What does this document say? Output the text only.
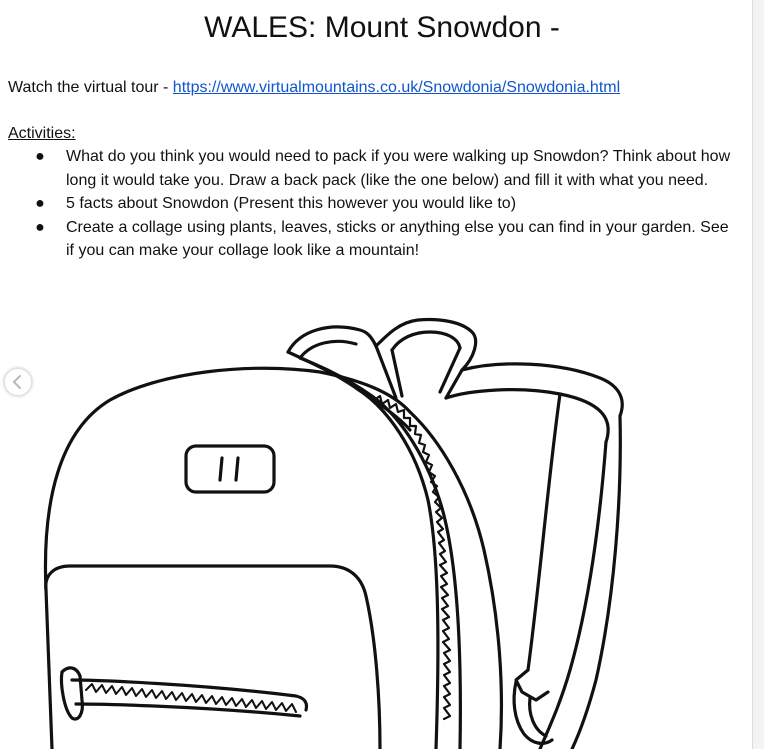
WALES: Mount Snowdon -
Watch the virtual tour - https://www.virtualmountains.co.uk/Snowdonia/Snowdonia.html
Activities:
● What do you think you would need to pack if you were walking up Snowdon? Think about how long it would take you. Draw a back pack (like the one below) and fill it with what you need.
● 5 facts about Snowdon (Present this however you would like to)
● Create a collage using plants, leaves, sticks or anything else you can find in your garden. See if you can make your collage look like a mountain!
